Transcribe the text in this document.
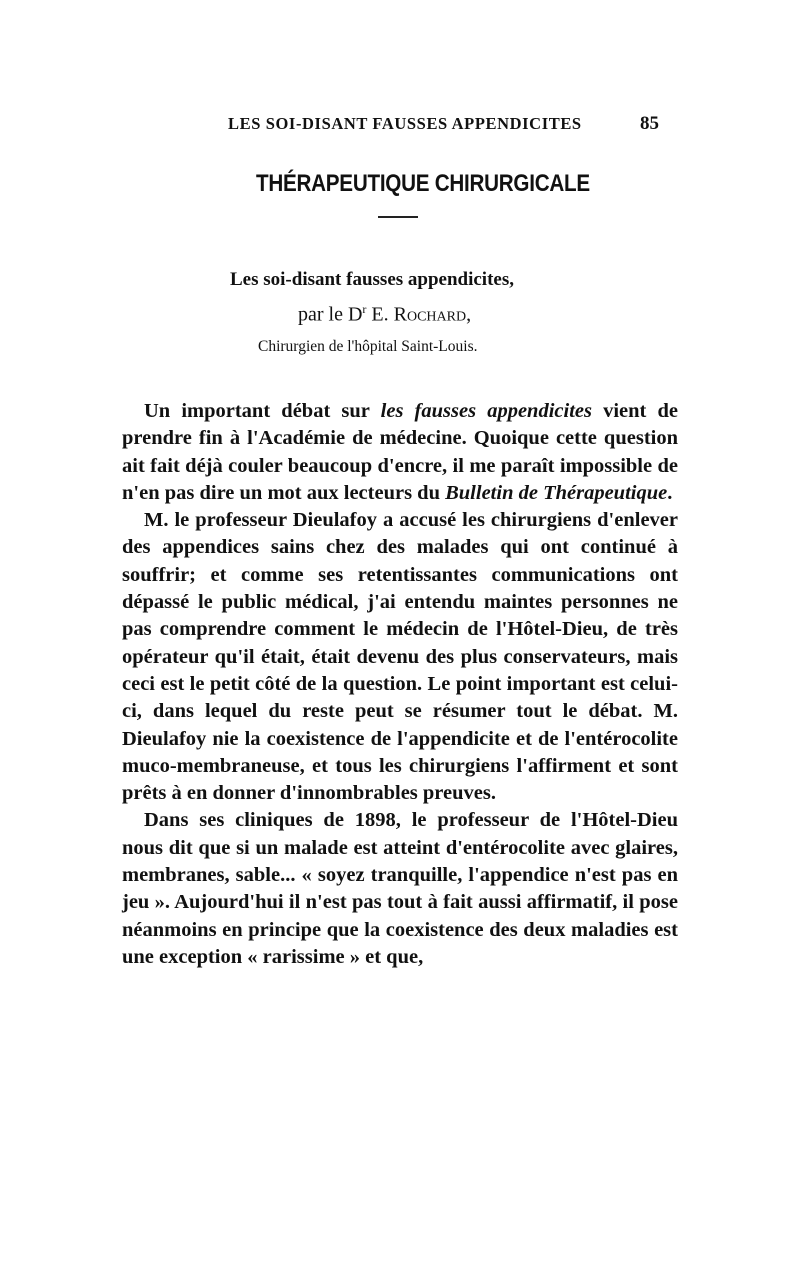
LES SOI-DISANT FAUSSES APPENDICITES	85
THÉRAPEUTIQUE CHIRURGICALE
Les soi-disant fausses appendicites,
par le $D^r$ E. Rochard,
Chirurgien de l'hôpital Saint-Louis.

Un important débat sur les fausses appendicites vient de prendre fin à l'Académie de médecine. Quoique cette question ait fait déjà couler beaucoup d'encre, il me paraît impossible de n'en pas dire un mot aux lecteurs du Bulletin de Thérapeutique.

M. le professeur Dieulafoy a accusé les chirurgiens d'enlever des appendices sains chez des malades qui ont continué à souffrir; et comme ses retentissantes communications ont dépassé le public médical, j'ai entendu maintes personnes ne pas comprendre comment le médecin de l'Hôtel-Dieu, de très opérateur qu'il était, était devenu des plus conservateurs, mais ceci est le petit côté de la question. Le point important est celui-ci, dans lequel du reste peut se résumer tout le débat. M. Dieulafoy nie la coexistence de l'appendicite et de l'entérocolite muco-membraneuse, et tous les chirurgiens l'affirment et sont prêts à en donner d'innombrables preuves.

Dans ses cliniques de 1898, le professeur de l'Hôtel-Dieu nous dit que si un malade est atteint d'entérocolite avec glaires, membranes, sable... « soyez tranquille, l'appendice n'est pas en jeu ». Aujourd'hui il n'est pas tout à fait aussi affirmatif, il pose néanmoins en principe que la coexistence des deux maladies est une exception « rarissime » et que,
